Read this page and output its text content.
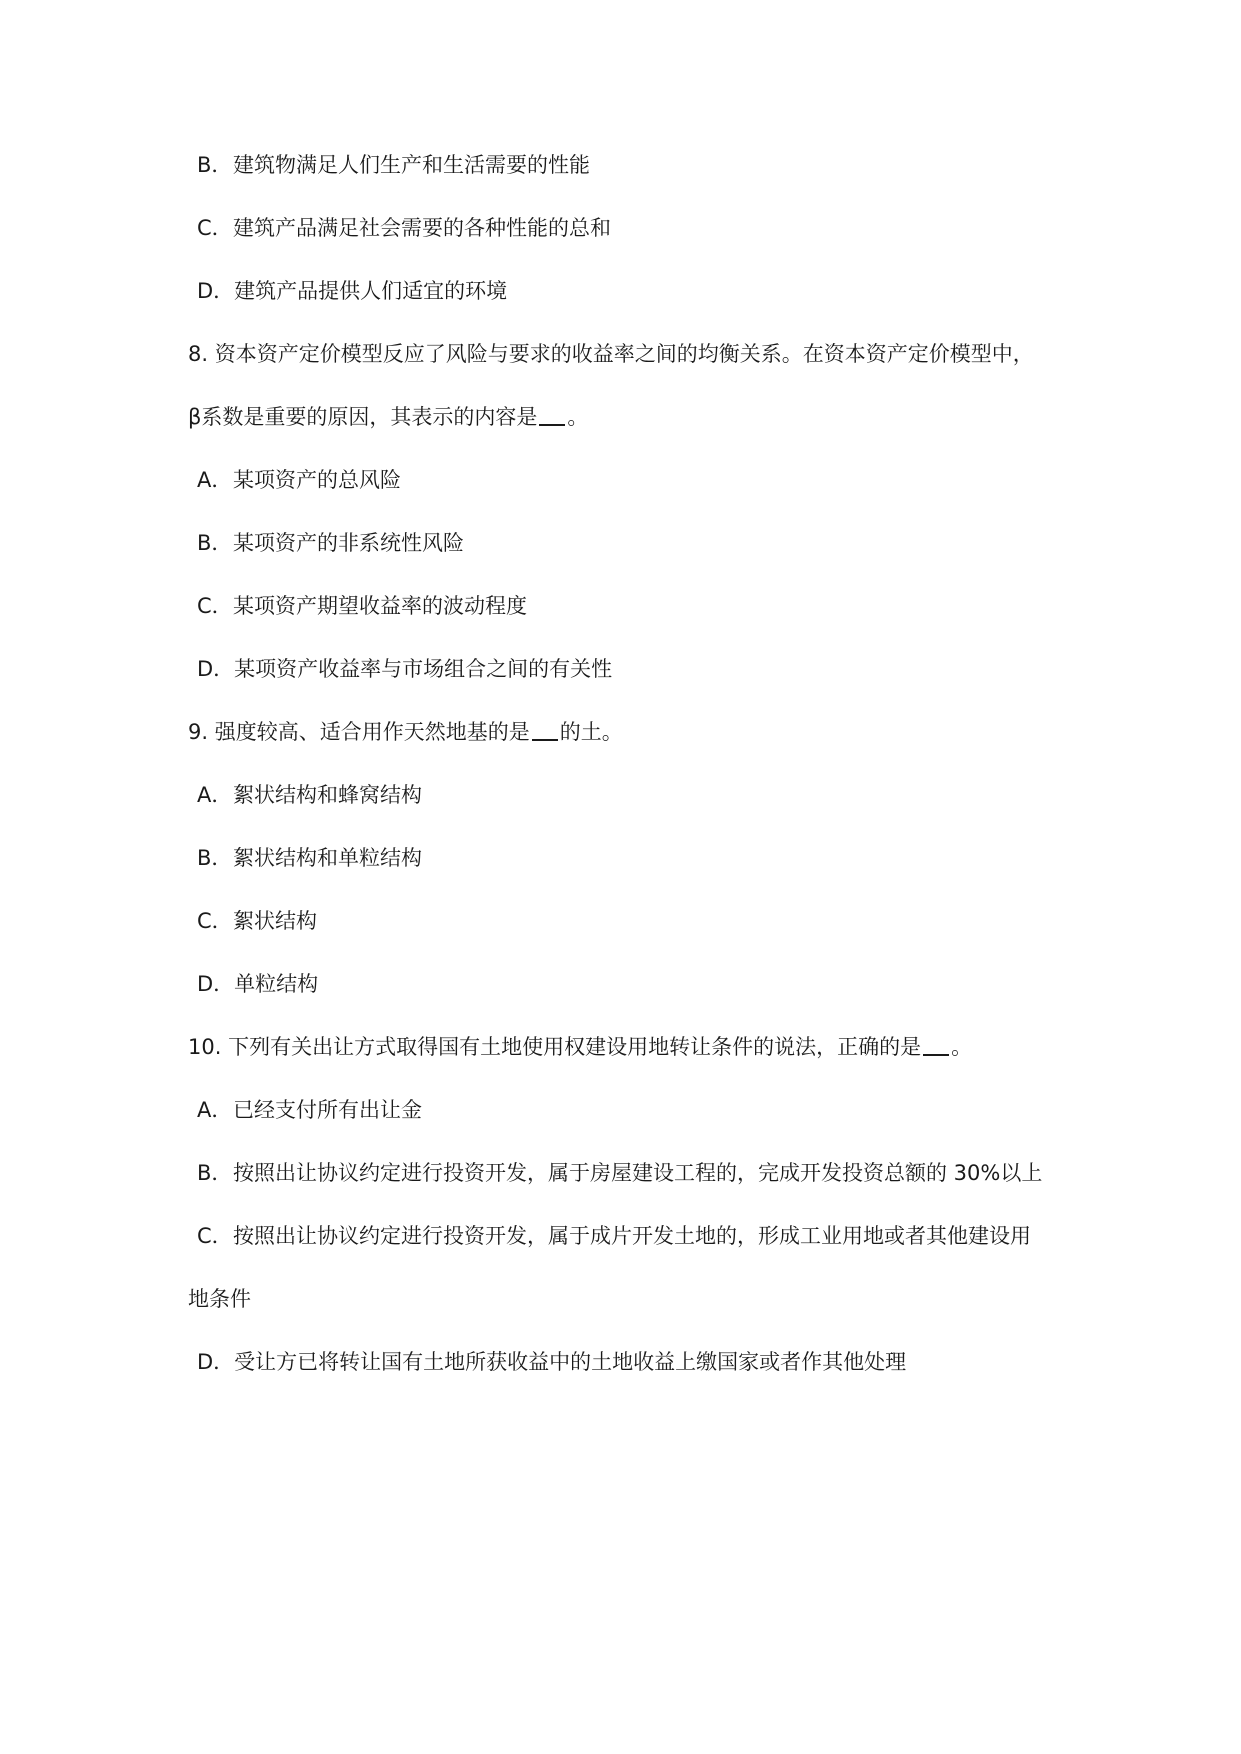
B．建筑物满足人们生产和生活需要的性能
C．建筑产品满足社会需要的各种性能的总和
D．建筑产品提供人们适宜的环境
8. 资本资产定价模型反应了风险与要求的收益率之间的均衡关系。在资本资产定价模型中，
β系数是重要的原因，其表示的内容是 。
A．某项资产的总风险
B．某项资产的非系统性风险
C．某项资产期望收益率的波动程度
D．某项资产收益率与市场组合之间的有关性
9. 强度较高、适合用作天然地基的是 的土。
A．絮状结构和蜂窝结构
B．絮状结构和单粒结构
C．絮状结构
D．单粒结构
10. 下列有关出让方式取得国有土地使用权建设用地转让条件的说法，正确的是 。
A．已经支付所有出让金
B．按照出让协议约定进行投资开发，属于房屋建设工程的，完成开发投资总额的 30%以上
C．按照出让协议约定进行投资开发，属于成片开发土地的，形成工业用地或者其他建设用
地条件
D．受让方已将转让国有土地所获收益中的土地收益上缴国家或者作其他处理
